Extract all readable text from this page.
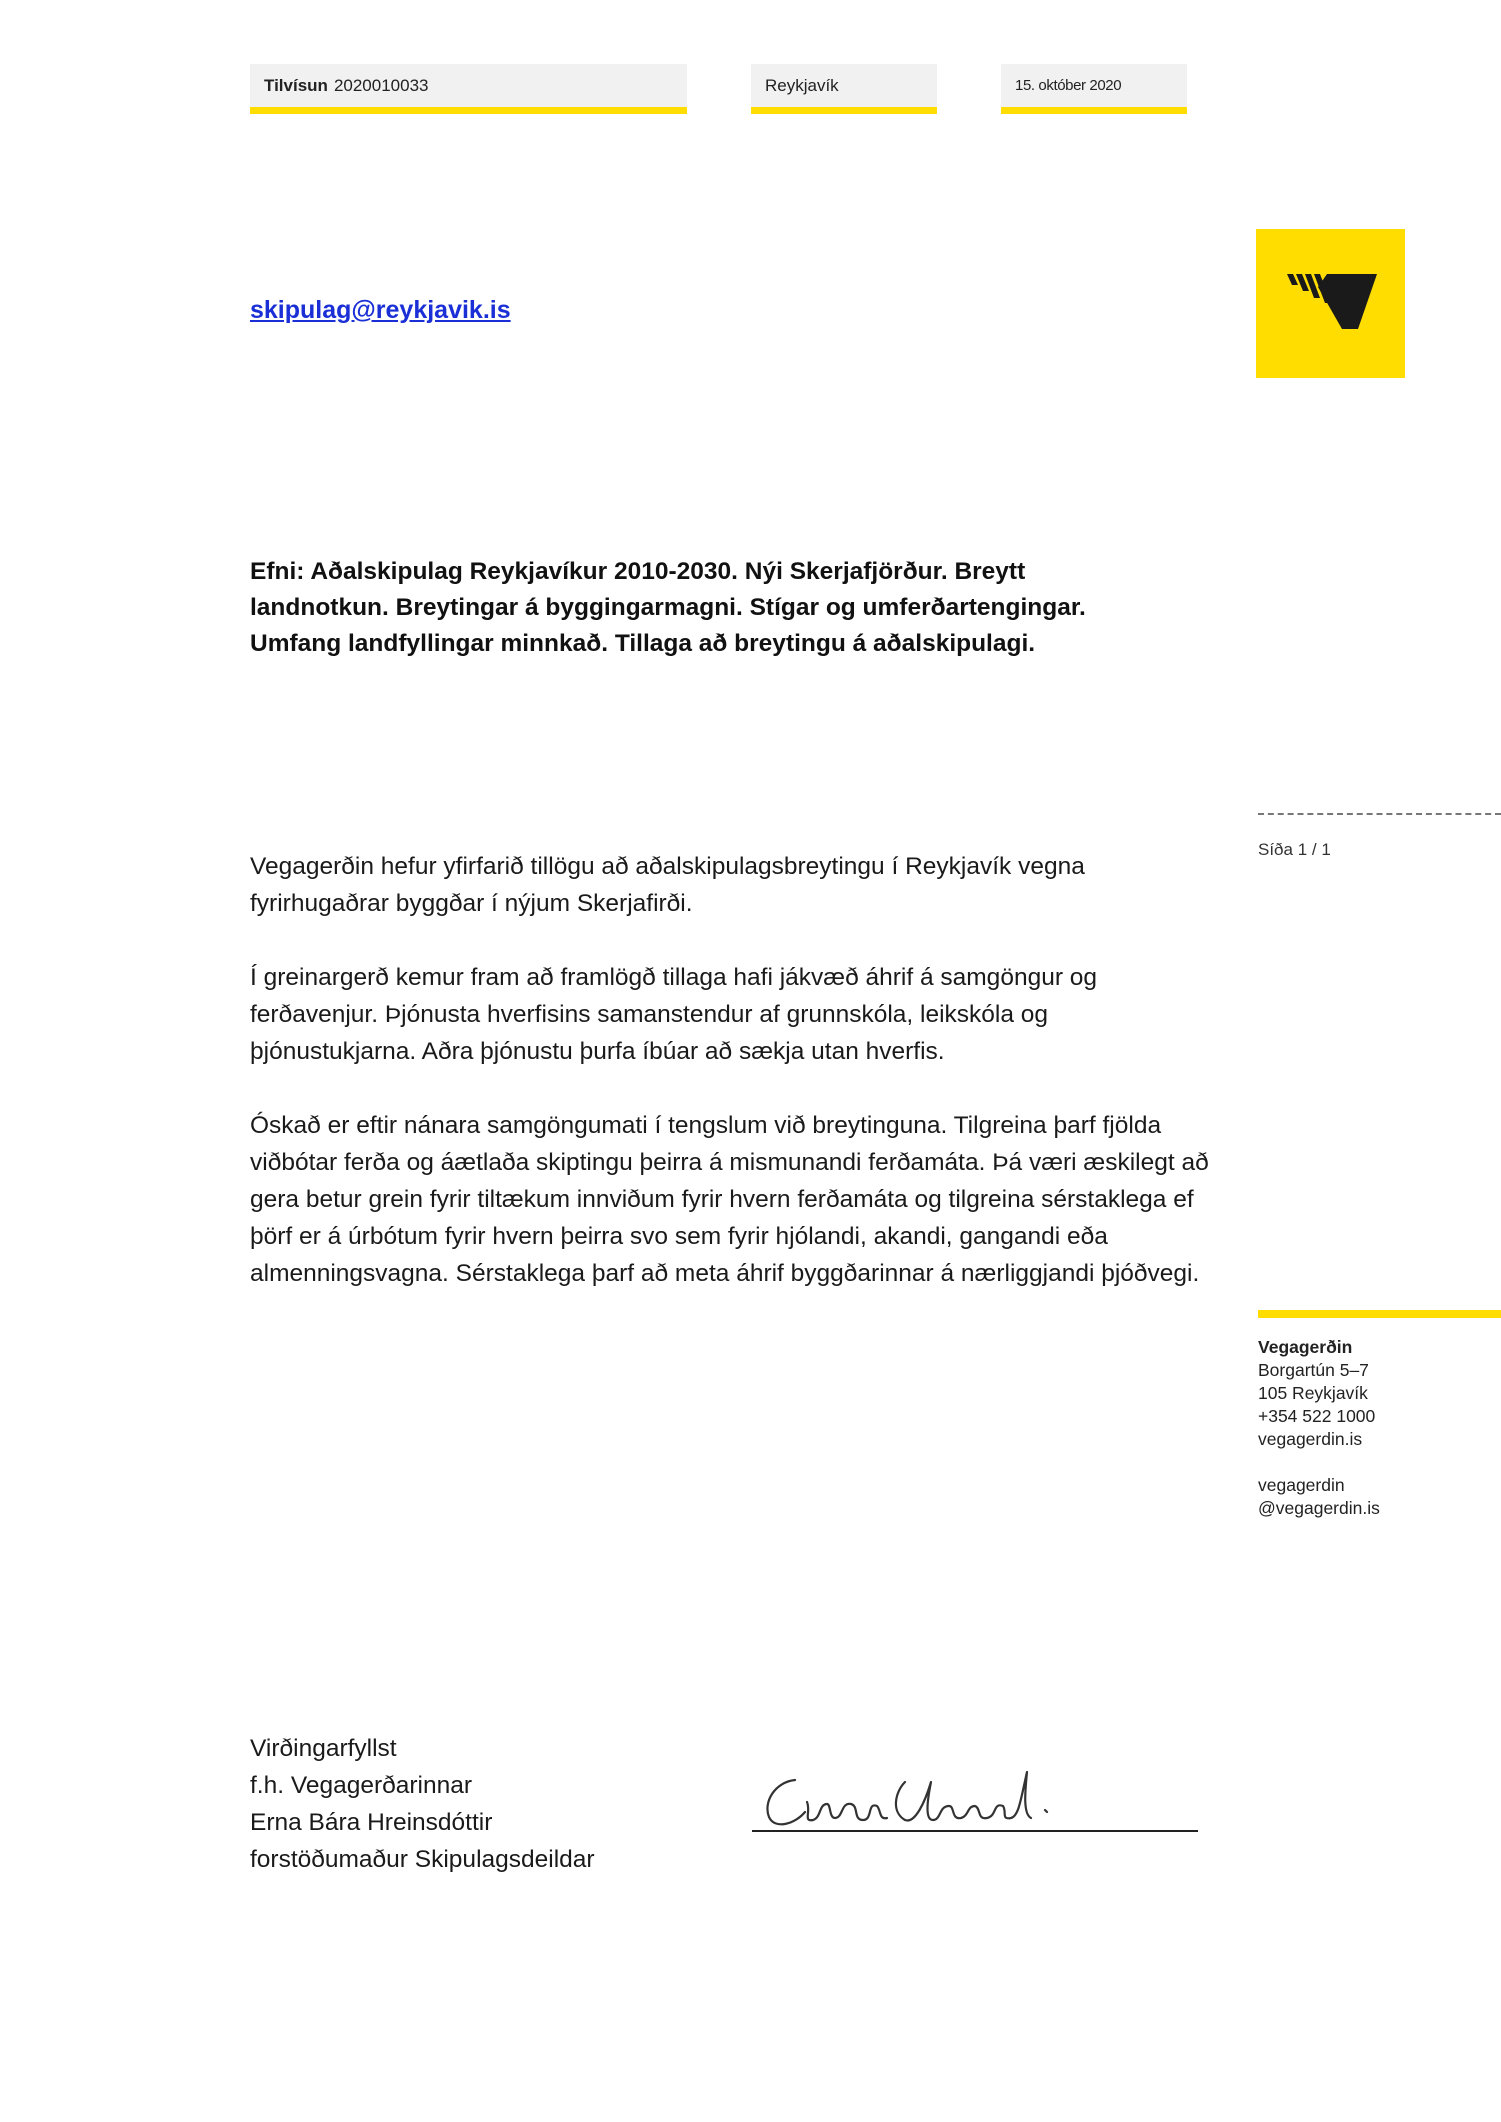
Tilvísun 2020010033	Reykjavík	15. október 2020
skipulag@reykjavik.is
Efni: Aðalskipulag Reykjavíkur 2010-2030. Nýi Skerjafjörður. Breytt
landnotkun. Breytingar á byggingarmagni. Stígar og umferðartengingar.
Umfang landfyllingar minnkað. Tillaga að breytingu á aðalskipulagi.
Síða 1 / 1

Vegagerðin hefur yfirfarið tillögu að aðalskipulagsbreytingu í Reykjavík vegna fyrirhugaðrar byggðar í nýjum Skerjafirði.

Í greinargerð kemur fram að framlögð tillaga hafi jákvæð áhrif á samgöngur og ferðavenjur. Þjónusta hverfisins samanstendur af grunnskóla, leikskóla og þjónustukjarna. Aðra þjónustu þurfa íbúar að sækja utan hverfis.

Óskað er eftir nánara samgöngumati í tengslum við breytinguna. Tilgreina þarf fjölda viðbótar ferða og áætlaða skiptingu þeirra á mismunandi ferðamáta. Þá væri æskilegt að gera betur grein fyrir tiltækum innviðum fyrir hvern ferðamáta og tilgreina sérstaklega ef þörf er á úrbótum fyrir hvern þeirra svo sem fyrir hjólandi, akandi, gangandi eða almenningsvagna. Sérstaklega þarf að meta áhrif byggðarinnar á nærliggjandi þjóðvegi.

Vegagerðin
Borgartún 5–7
105 Reykjavík
+354 522 1000
vegagerdin.is
vegagerdin
@vegagerdin.is
Virðingarfyllst
f.h. Vegagerðarinnar
Erna Bára Hreinsdóttir
forstöðumaður Skipulagsdeildar
